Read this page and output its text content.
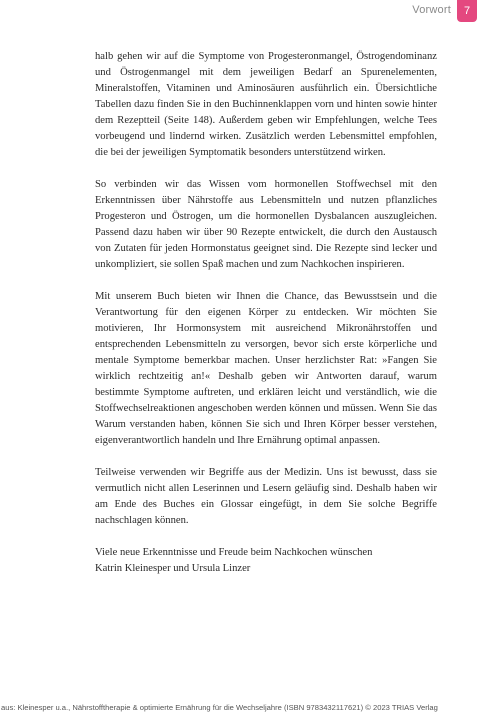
Vorwort	7

halb gehen wir auf die Symptome von Progesteronmangel, Östrogendominanz und Östrogenmangel mit dem jeweiligen Bedarf an Spurenelementen, Mineralstoffen, Vitaminen und Aminosäuren ausführlich ein. Übersichtliche Tabellen dazu finden Sie in den Buchinnenklappen vorn und hinten sowie hinter dem Rezeptteil (Seite 148). Außerdem geben wir Empfehlungen, welche Tees vorbeugend und lindernd wirken. Zusätzlich werden Lebensmittel empfohlen, die bei der jeweiligen Symptomatik besonders unterstützend wirken.

So verbinden wir das Wissen vom hormonellen Stoffwechsel mit den Erkenntnissen über Nährstoffe aus Lebensmitteln und nutzen pflanzliches Progesteron und Östrogen, um die hormonellen Dysbalancen auszugleichen. Passend dazu haben wir über 90 Rezepte entwickelt, die durch den Austausch von Zutaten für jeden Hormonstatus geeignet sind. Die Rezepte sind lecker und unkompliziert, sie sollen Spaß machen und zum Nachkochen inspirieren.

Mit unserem Buch bieten wir Ihnen die Chance, das Bewusstsein und die Verantwortung für den eigenen Körper zu entdecken. Wir möchten Sie motivieren, Ihr Hormonsystem mit ausreichend Mikronährstoffen und entsprechenden Lebensmitteln zu versorgen, bevor sich erste körperliche und mentale Symptome bemerkbar machen. Unser herzlichster Rat: »Fangen Sie wirklich rechtzeitig an!« Deshalb geben wir Antworten darauf, warum bestimmte Symptome auftreten, und erklären leicht und verständlich, wie die Stoffwechselreaktionen angeschoben werden können und müssen. Wenn Sie das Warum verstanden haben, können Sie sich und Ihren Körper besser verstehen, eigenverantwortlich handeln und Ihre Ernährung optimal anpassen.

Teilweise verwenden wir Begriffe aus der Medizin. Uns ist bewusst, dass sie vermutlich nicht allen Leserinnen und Lesern geläufig sind. Deshalb haben wir am Ende des Buches ein Glossar eingefügt, in dem Sie solche Begriffe nachschlagen können.

Viele neue Erkenntnisse und Freude beim Nachkochen wünschen
Katrin Kleinesper und Ursula Linzer
aus: Kleinesper u.a., Nährstofftherapie & optimierte Ernährung für die Wechseljahre (ISBN 9783432117621) © 2023 TRIAS Verlag
